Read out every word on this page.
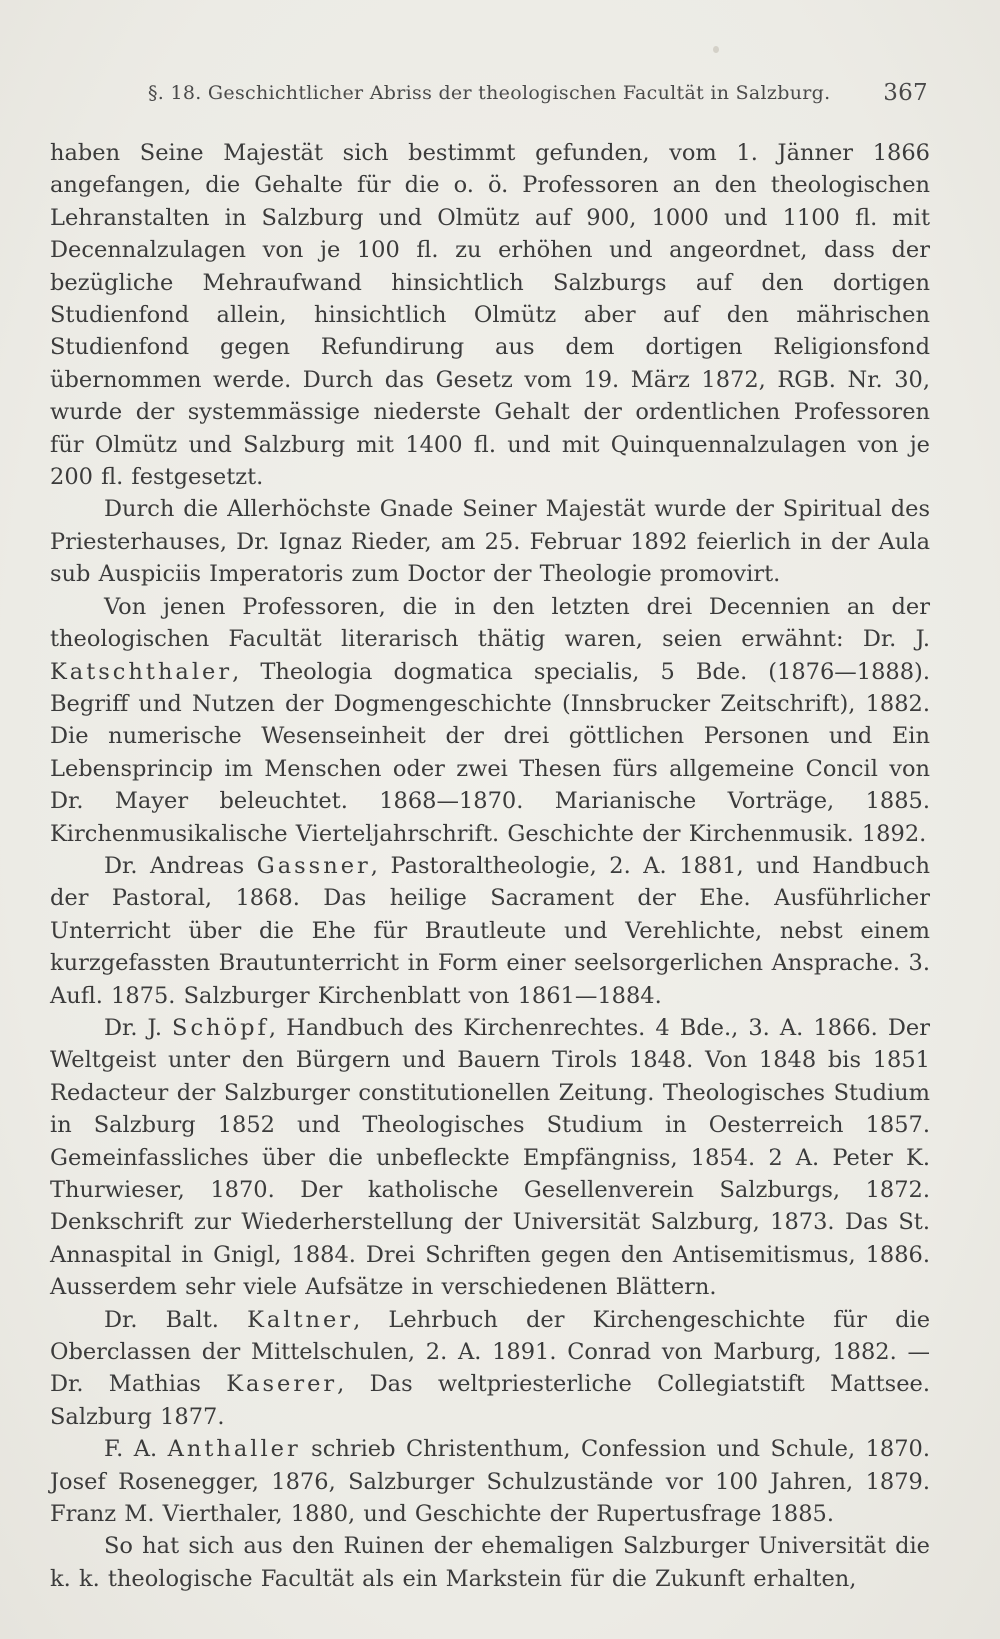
§. 18. Geschichtlicher Abriss der theologischen Facultät in Salzburg. 367

haben Seine Majestät sich bestimmt gefunden, vom 1. Jänner 1866 angefangen, die Gehalte für die o. ö. Professoren an den theologischen Lehranstalten in Salzburg und Olmütz auf 900, 1000 und 1100 fl. mit Decennalzulagen von je 100 fl. zu erhöhen und angeordnet, dass der bezügliche Mehraufwand hinsichtlich Salzburgs auf den dortigen Studienfond allein, hinsichtlich Olmütz aber auf den mährischen Studienfond gegen Refundirung aus dem dortigen Religionsfond übernommen werde. Durch das Gesetz vom 19. März 1872, RGB. Nr. 30, wurde der systemmässige niederste Gehalt der ordentlichen Professoren für Olmütz und Salzburg mit 1400 fl. und mit Quinquennalzulagen von je 200 fl. festgesetzt.

Durch die Allerhöchste Gnade Seiner Majestät wurde der Spiritual des Priesterhauses, Dr. Ignaz Rieder, am 25. Februar 1892 feierlich in der Aula sub Auspiciis Imperatoris zum Doctor der Theologie promovirt.

Von jenen Professoren, die in den letzten drei Decennien an der theologischen Facultät literarisch thätig waren, seien erwähnt: Dr. J. Katschthaler, Theologia dogmatica specialis, 5 Bde. (1876—1888). Begriff und Nutzen der Dogmengeschichte (Innsbrucker Zeitschrift), 1882. Die numerische Wesenseinheit der drei göttlichen Personen und Ein Lebensprincip im Menschen oder zwei Thesen fürs allgemeine Concil von Dr. Mayer beleuchtet. 1868—1870. Marianische Vorträge, 1885. Kirchenmusikalische Vierteljahrschrift. Geschichte der Kirchenmusik. 1892.

Dr. Andreas Gassner, Pastoraltheologie, 2. A. 1881, und Handbuch der Pastoral, 1868. Das heilige Sacrament der Ehe. Ausführlicher Unterricht über die Ehe für Brautleute und Verehlichte, nebst einem kurzgefassten Brautunterricht in Form einer seelsorgerlichen Ansprache. 3. Aufl. 1875. Salzburger Kirchenblatt von 1861—1884.

Dr. J. Schöpf, Handbuch des Kirchenrechtes. 4 Bde., 3. A. 1866. Der Weltgeist unter den Bürgern und Bauern Tirols 1848. Von 1848 bis 1851 Redacteur der Salzburger constitutionellen Zeitung. Theologisches Studium in Salzburg 1852 und Theologisches Studium in Oesterreich 1857. Gemeinfassliches über die unbefleckte Empfängniss, 1854. 2 A. Peter K. Thurwieser, 1870. Der katholische Gesellenverein Salzburgs, 1872. Denkschrift zur Wiederherstellung der Universität Salzburg, 1873. Das St. Annaspital in Gnigl, 1884. Drei Schriften gegen den Antisemitismus, 1886. Ausserdem sehr viele Aufsätze in verschiedenen Blättern.

Dr. Balt. Kaltner, Lehrbuch der Kirchengeschichte für die Oberclassen der Mittelschulen, 2. A. 1891. Conrad von Marburg, 1882. — Dr. Mathias Kaserer, Das weltpriesterliche Collegiatstift Mattsee. Salzburg 1877.

F. A. Anthaller schrieb Christenthum, Confession und Schule, 1870. Josef Rosenegger, 1876, Salzburger Schulzustände vor 100 Jahren, 1879. Franz M. Vierthaler, 1880, und Geschichte der Rupertusfrage 1885.

So hat sich aus den Ruinen der ehemaligen Salzburger Universität die k. k. theologische Facultät als ein Markstein für die Zukunft erhalten,
